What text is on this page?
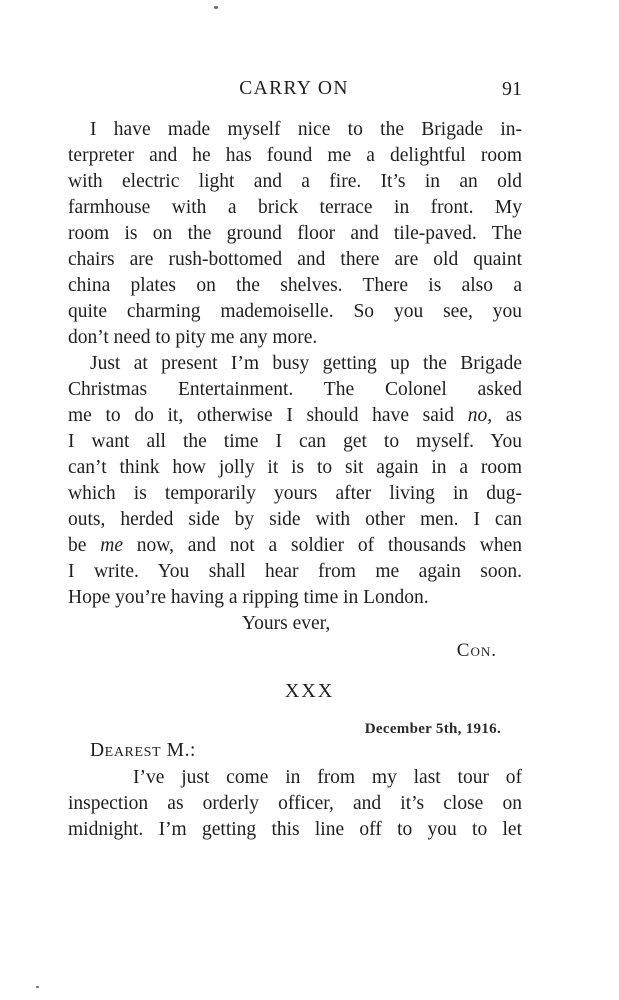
CARRY ON	91
I have made myself nice to the Brigade in-
terpreter and he has found me a delightful room
with electric light and a fire. It’s in an old
farmhouse with a brick terrace in front. My
room is on the ground floor and tile-paved. The
chairs are rush-bottomed and there are old quaint
china plates on the shelves. There is also a
quite charming mademoiselle. So you see, you
don’t need to pity me any more.
Just at present I’m busy getting up the Brigade
Christmas Entertainment. The Colonel asked
me to do it, otherwise I should have said no, as
I want all the time I can get to myself. You
can’t think how jolly it is to sit again in a room
which is temporarily yours after living in dug-
outs, herded side by side with other men. I can
be me now, and not a soldier of thousands when
I write. You shall hear from me again soon.
Hope you’re having a ripping time in London.
Yours ever,
Con.
XXX
December 5th, 1916.
Dearest M.:
I’ve just come in from my last tour of
inspection as orderly officer, and it’s close on
midnight. I’m getting this line off to you to let
